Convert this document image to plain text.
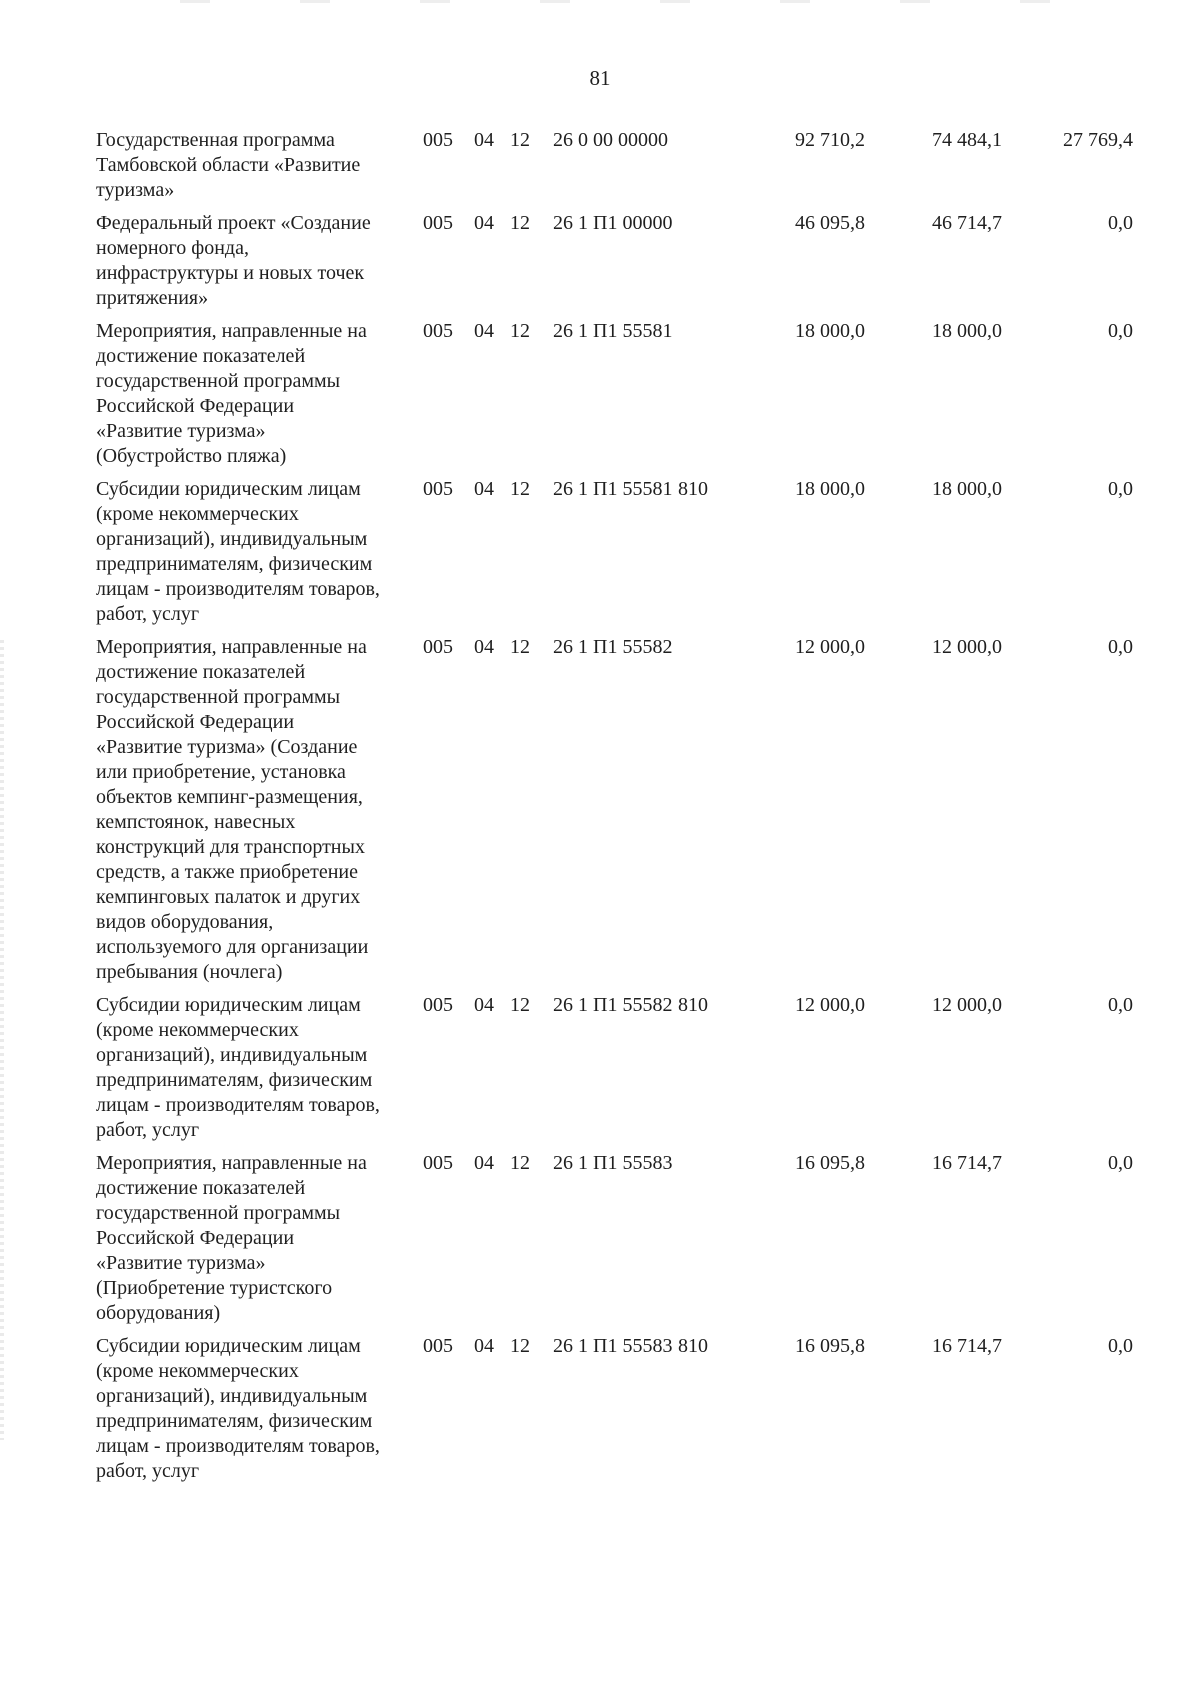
81
Государственная программа
Тамбовской области «Развитие
туризма»
005	04 12	26 0 00 00000	92 710,2	74 484,1	27 769,4
Федеральный проект «Создание
номерного фонда,
инфраструктуры и новых точек
притяжения»
005	04 12	26 1 П1 00000	46 095,8	46 714,7	0,0
Мероприятия, направленные на
достижение показателей
государственной программы
Российской Федерации
«Развитие туризма»
(Обустройство пляжа)
005	04 12	26 1 П1 55581	18 000,0	18 000,0	0,0
Субсидии юридическим лицам
(кроме некоммерческих
организаций), индивидуальным
предпринимателям, физическим
лицам - производителям товаров,
работ, услуг
005	04 12	26 1 П1 55581 810	18 000,0	18 000,0	0,0
Мероприятия, направленные на
достижение показателей
государственной программы
Российской Федерации
«Развитие туризма» (Создание
или приобретение, установка
объектов кемпинг-размещения,
кемпстоянок, навесных
конструкций для транспортных
средств, а также приобретение
кемпинговых палаток и других
видов оборудования,
используемого для организации
пребывания (ночлега)
005	04 12	26 1 П1 55582	12 000,0	12 000,0	0,0
Субсидии юридическим лицам
(кроме некоммерческих
организаций), индивидуальным
предпринимателям, физическим
лицам - производителям товаров,
работ, услуг
005	04 12	26 1 П1 55582 810	12 000,0	12 000,0	0,0
Мероприятия, направленные на
достижение показателей
государственной программы
Российской Федерации
«Развитие туризма»
(Приобретение туристского
оборудования)
005	04 12	26 1 П1 55583	16 095,8	16 714,7	0,0
Субсидии юридическим лицам
(кроме некоммерческих
организаций), индивидуальным
предпринимателям, физическим
лицам - производителям товаров,
работ, услуг
005	04 12	26 1 П1 55583 810	16 095,8	16 714,7	0,0
